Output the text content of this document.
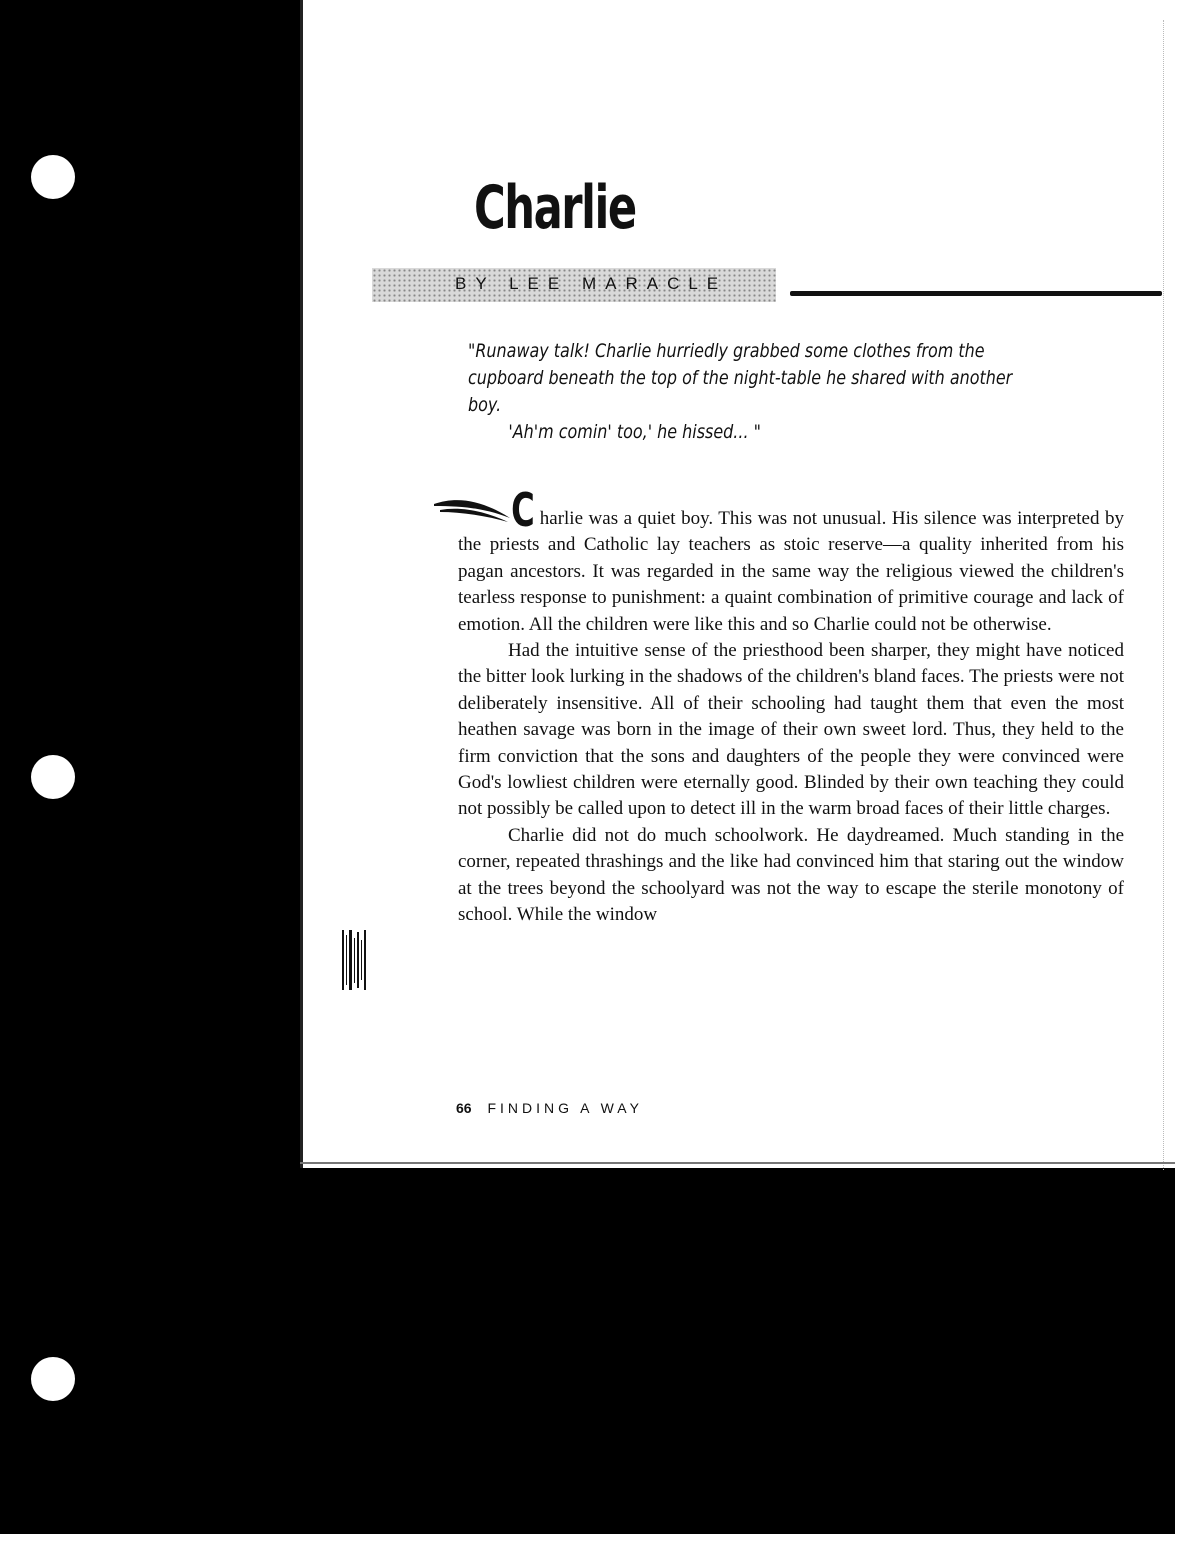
Charlie

BY LEE MARACLE

"Runaway talk! Charlie hurriedly grabbed some clothes from the cupboard beneath the top of the night-table he shared with another boy.
'Ah'm comin' too,' he hissed... "

Charlie was a quiet boy. This was not unusual. His silence was interpreted by the priests and Catholic lay teachers as stoic reserve—a quality inherited from his pagan ancestors. It was regarded in the same way the religious viewed the children's tearless response to punishment: a quaint combination of primitive courage and lack of emotion. All the children were like this and so Charlie could not be otherwise.

Had the intuitive sense of the priesthood been sharper, they might have noticed the bitter look lurking in the shadows of the children's bland faces. The priests were not deliberately insensitive. All of their schooling had taught them that even the most heathen savage was born in the image of their own sweet lord. Thus, they held to the firm conviction that the sons and daughters of the people they were convinced were God's lowliest children were eternally good. Blinded by their own teaching they could not possibly be called upon to detect ill in the warm broad faces of their little charges.

Charlie did not do much schoolwork. He daydreamed. Much standing in the corner, repeated thrashings and the like had convinced him that staring out the window at the trees beyond the schoolyard was not the way to escape the sterile monotony of school. While the window

66 FINDING A WAY
